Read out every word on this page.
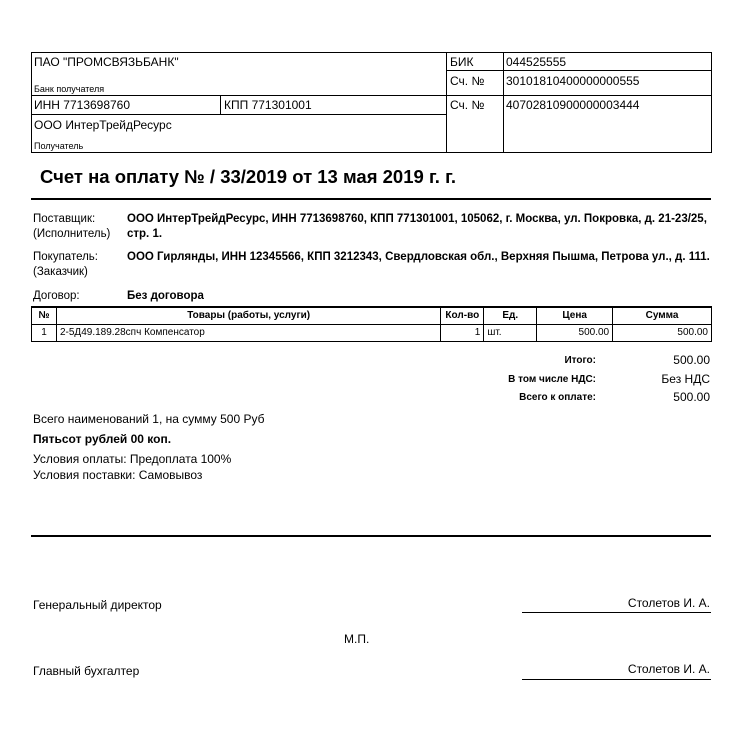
ПАО "ПРОМСВЯЗЬБАНК"
Банк получателя
БИК	044525555
Сч. № 30101810400000000555
ИНН 7713698760	КПП 771301001	Сч. № 40702810900000003444
ООО ИнтерТрейдРесурс
Получатель
Счет на оплату № / 33/2019 от 13 мая 2019 г. г.
Поставщик:
(Исполнитель)
ООО ИнтерТрейдРесурс, ИНН 7713698760, КПП 771301001, 105062, г. Москва, ул. Покровка, д. 21-23/25, стр. 1.
Покупатель:
(Заказчик)
ООО Гирлянды, ИНН 12345566, КПП 3212343, Свердловская обл., Верхняя Пышма, Петрова ул., д. 111.
Договор:	Без договора
№	Товары (работы, услуги)	Кол-во	Ед.	Цена	Сумма
1	2-5Д49.189.28спч Компенсатор	1	шт.	500.00	500.00
Итого:	500.00
В том числе НДС:	Без НДС
Всего к оплате:	500.00
Всего наименований 1, на сумму 500 Руб
Пятьсот рублей 00 коп.
Условия оплаты: Предоплата 100%
Условия поставки: Самовывоз
Генеральный директор	Столетов И. А.
М.П.
Главный бухгалтер	Столетов И. А.
